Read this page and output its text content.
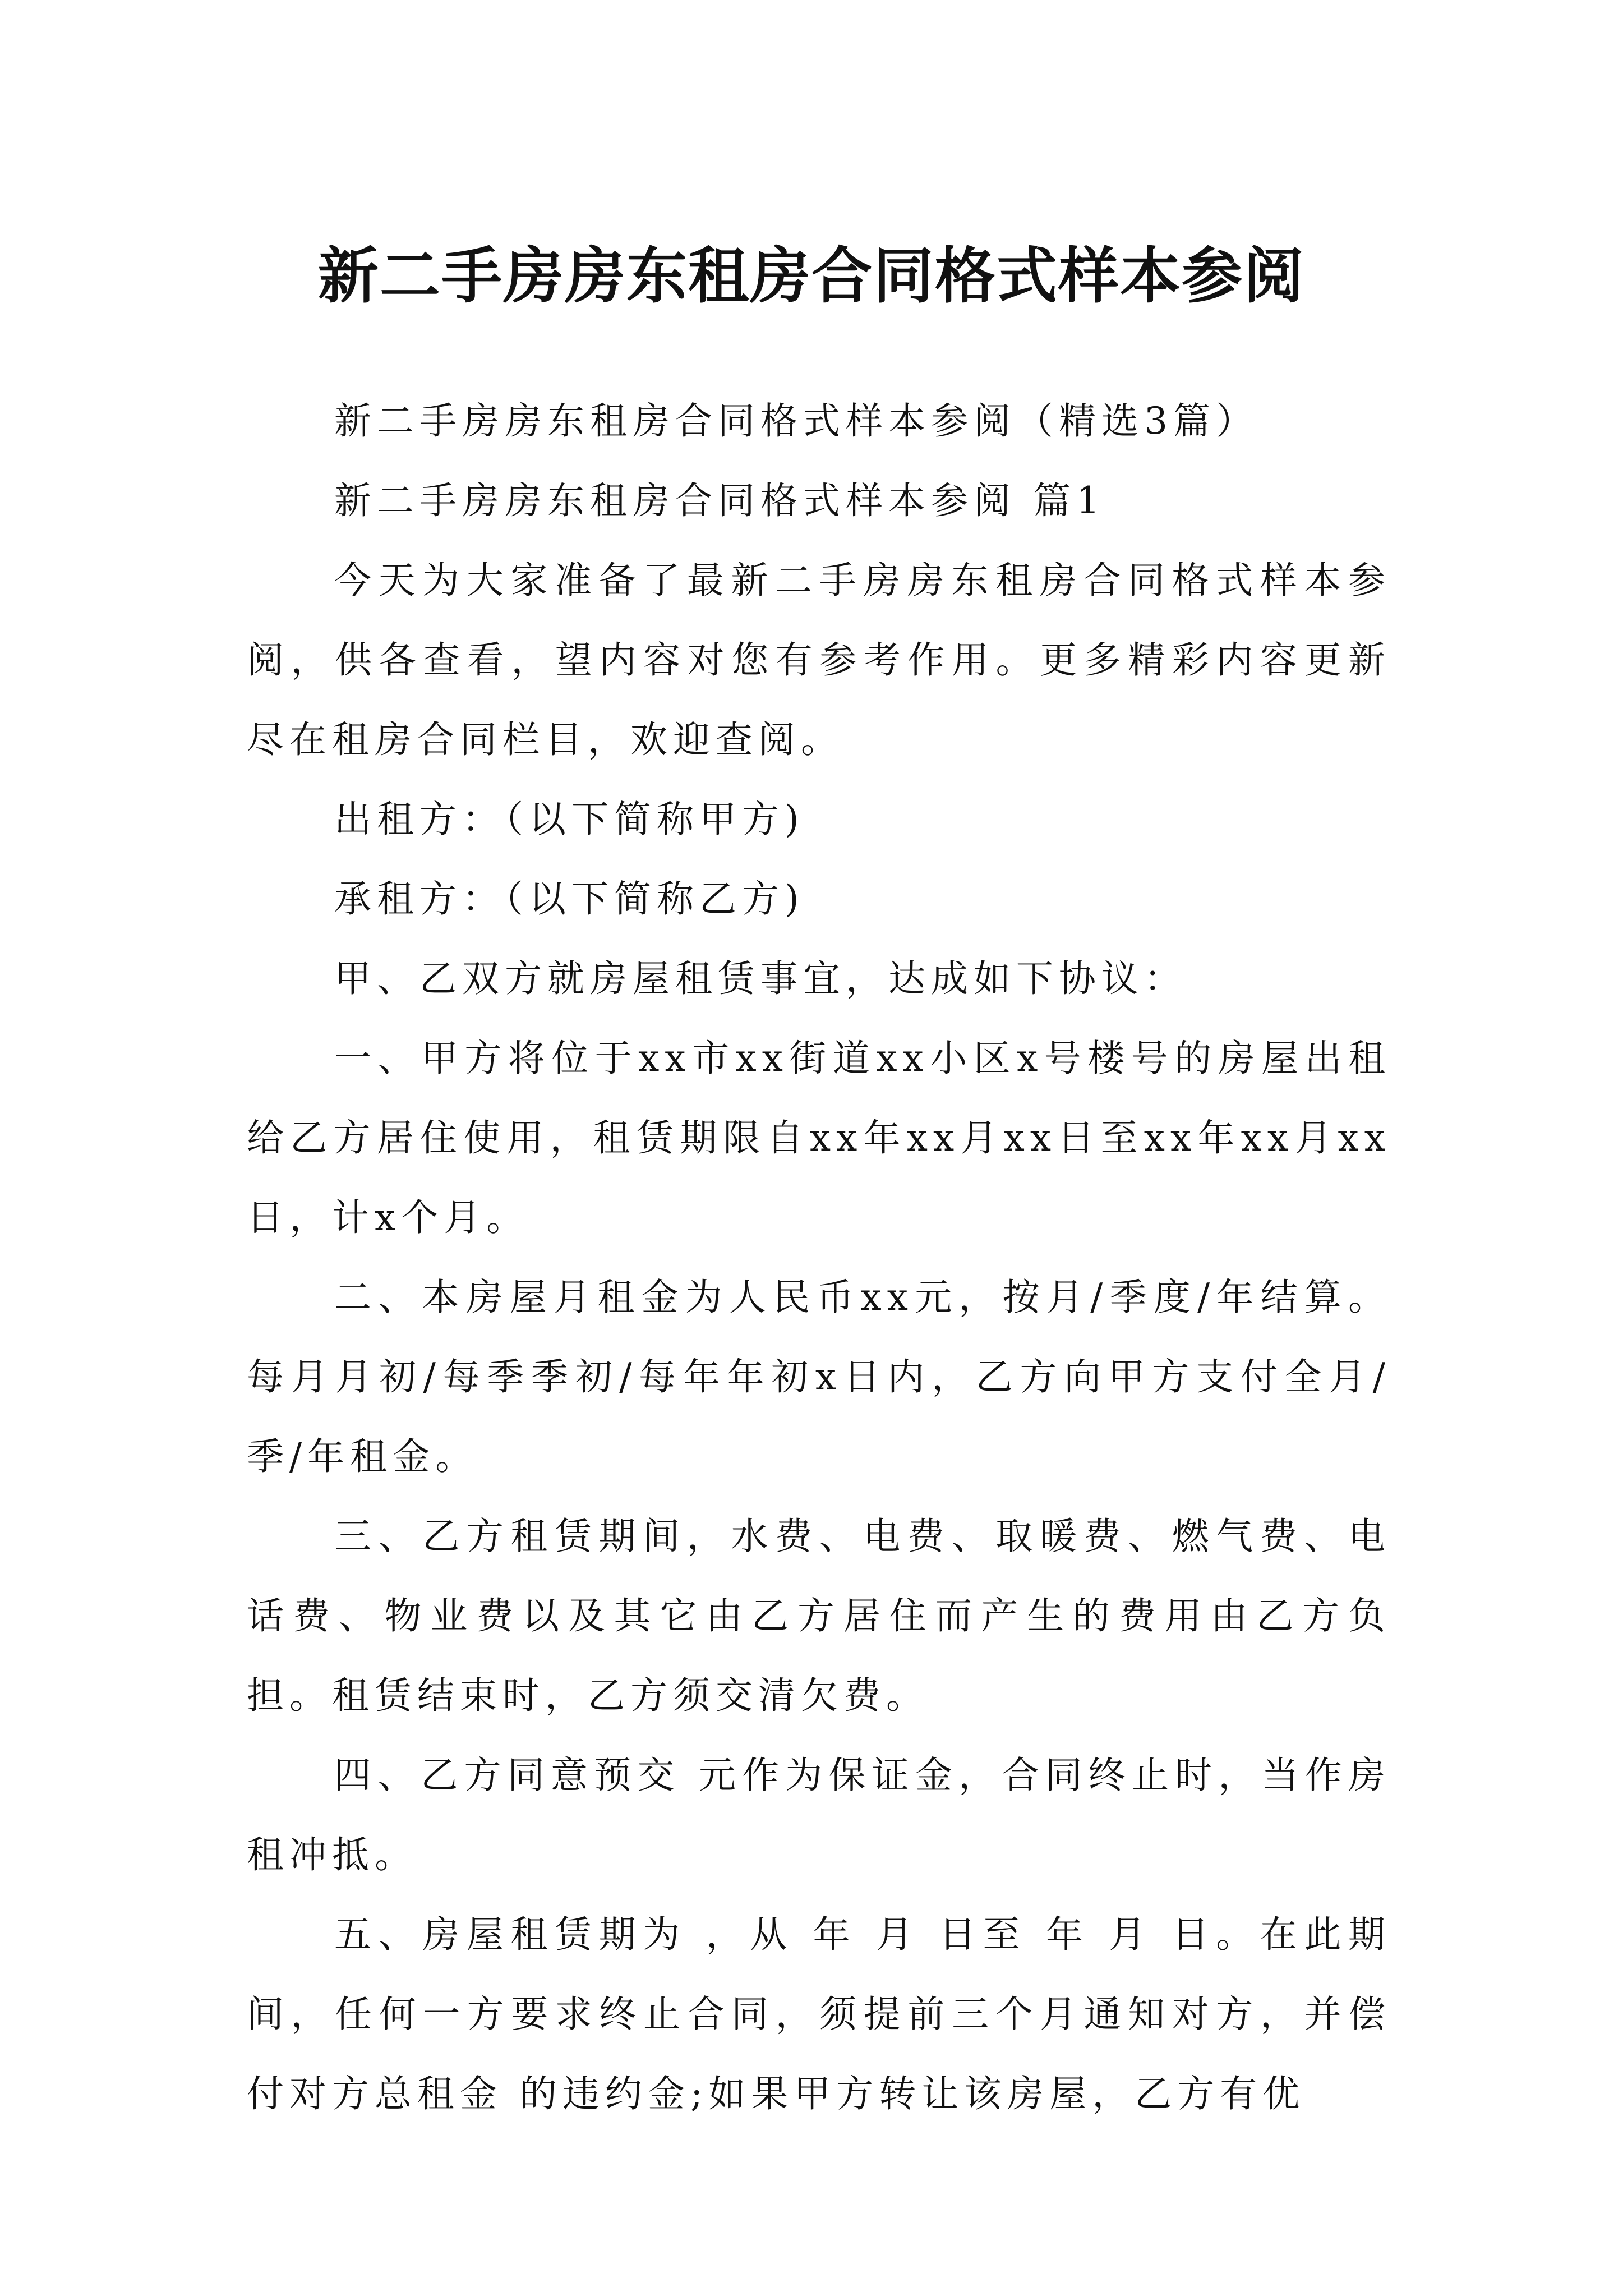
新二手房房东租房合同格式样本参阅

新二手房房东租房合同格式样本参阅（精选3篇）

新二手房房东租房合同格式样本参阅 篇1

今天为大家准备了最新二手房房东租房合同格式样本参阅，供各查看，望内容对您有参考作用。更多精彩内容更新尽在租房合同栏目，欢迎查阅。

出租方：（以下简称甲方)

承租方：（以下简称乙方)

甲、乙双方就房屋租赁事宜，达成如下协议：

一、甲方将位于xx市xx街道xx小区x号楼号的房屋出租给乙方居住使用，租赁期限自xx年xx月xx日至xx年xx月xx日，计x个月。

二、本房屋月租金为人民币xx元，按月/季度/年结算。每月月初/每季季初/每年年初x日内，乙方向甲方支付全月/季/年租金。

三、乙方租赁期间，水费、电费、取暖费、燃气费、电话费、物业费以及其它由乙方居住而产生的费用由乙方负担。租赁结束时，乙方须交清欠费。

四、乙方同意预交 元作为保证金，合同终止时，当作房租冲抵。

五、房屋租赁期为 ，从 年 月 日至 年 月 日。在此期间，任何一方要求终止合同，须提前三个月通知对方，并偿付对方总租金 的违约金;如果甲方转让该房屋，乙方有优
